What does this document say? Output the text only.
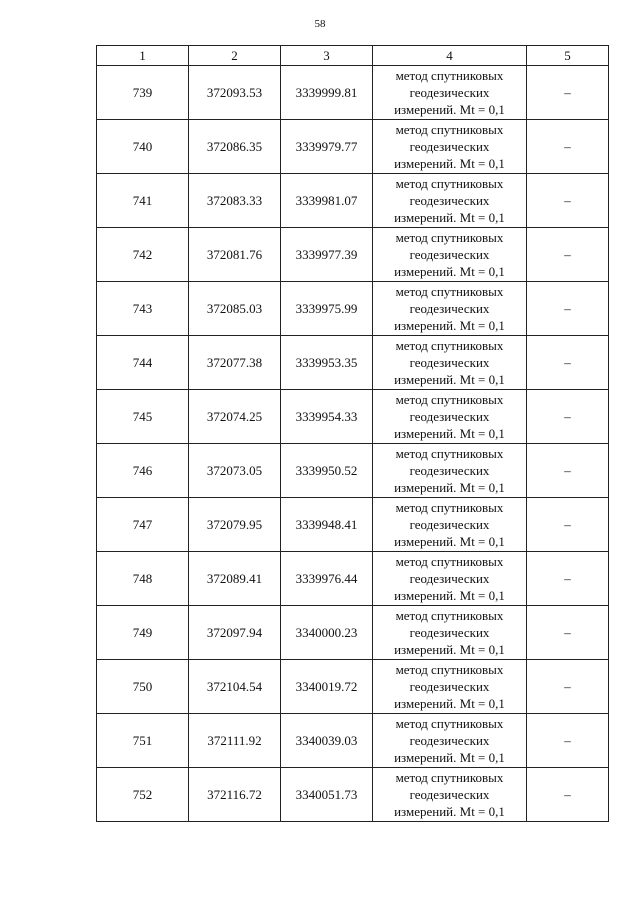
58
1	2	3	4	5
739	372093.53	3339999.81	метод спутниковых
геодезических
измерений. Mt = 0,1	–
740	372086.35	3339979.77	метод спутниковых
геодезических
измерений. Mt = 0,1	–
741	372083.33	3339981.07	метод спутниковых
геодезических
измерений. Mt = 0,1	–
742	372081.76	3339977.39	метод спутниковых
геодезических
измерений. Mt = 0,1	–
743	372085.03	3339975.99	метод спутниковых
геодезических
измерений. Mt = 0,1	–
744	372077.38	3339953.35	метод спутниковых
геодезических
измерений. Mt = 0,1	–
745	372074.25	3339954.33	метод спутниковых
геодезических
измерений. Mt = 0,1	–
746	372073.05	3339950.52	метод спутниковых
геодезических
измерений. Mt = 0,1	–
747	372079.95	3339948.41	метод спутниковых
геодезических
измерений. Mt = 0,1	–
748	372089.41	3339976.44	метод спутниковых
геодезических
измерений. Mt = 0,1	–
749	372097.94	3340000.23	метод спутниковых
геодезических
измерений. Mt = 0,1	–
750	372104.54	3340019.72	метод спутниковых
геодезических
измерений. Mt = 0,1	–
751	372111.92	3340039.03	метод спутниковых
геодезических
измерений. Mt = 0,1	–
752	372116.72	3340051.73	метод спутниковых
геодезических
измерений. Mt = 0,1	–
